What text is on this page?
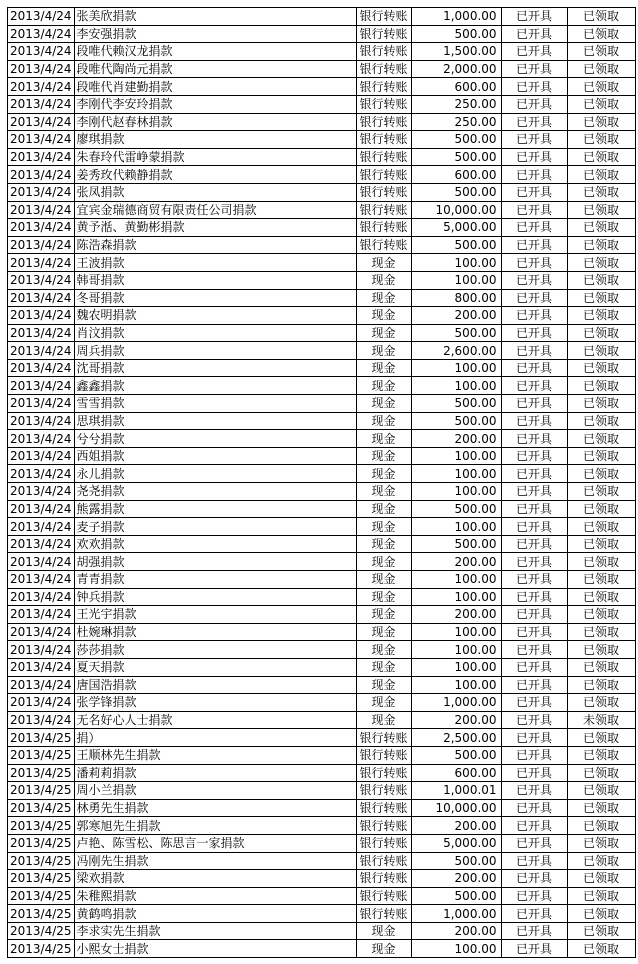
2013/4/24	张美欣捐款	银行转账	1,000.00	已开具	已领取
2013/4/24	李安强捐款	银行转账	500.00	已开具	已领取
2013/4/24	段唯代赖汉龙捐款	银行转账	1,500.00	已开具	已领取
2013/4/24	段唯代陶尚元捐款	银行转账	2,000.00	已开具	已领取
2013/4/24	段唯代肖建勤捐款	银行转账	600.00	已开具	已领取
2013/4/24	李刚代李安玲捐款	银行转账	250.00	已开具	已领取
2013/4/24	李刚代赵春林捐款	银行转账	250.00	已开具	已领取
2013/4/24	廖琪捐款	银行转账	500.00	已开具	已领取
2013/4/24	朱春玲代雷峥蒙捐款	银行转账	500.00	已开具	已领取
2013/4/24	姜秀玫代赖静捐款	银行转账	600.00	已开具	已领取
2013/4/24	张凤捐款	银行转账	500.00	已开具	已领取
2013/4/24	宜宾金瑞德商贸有限责任公司捐款	银行转账	10,000.00	已开具	已领取
2013/4/24	黄予湉、黄勤彬捐款	银行转账	5,000.00	已开具	已领取
2013/4/24	陈浩森捐款	银行转账	500.00	已开具	已领取
2013/4/24	王波捐款	现金	100.00	已开具	已领取
2013/4/24	韩哥捐款	现金	100.00	已开具	已领取
2013/4/24	冬哥捐款	现金	800.00	已开具	已领取
2013/4/24	魏农明捐款	现金	200.00	已开具	已领取
2013/4/24	肖汶捐款	现金	500.00	已开具	已领取
2013/4/24	周兵捐款	现金	2,600.00	已开具	已领取
2013/4/24	沈哥捐款	现金	100.00	已开具	已领取
2013/4/24	鑫鑫捐款	现金	100.00	已开具	已领取
2013/4/24	雪雪捐款	现金	500.00	已开具	已领取
2013/4/24	思琪捐款	现金	500.00	已开具	已领取
2013/4/24	兮兮捐款	现金	200.00	已开具	已领取
2013/4/24	西姐捐款	现金	100.00	已开具	已领取
2013/4/24	永儿捐款	现金	100.00	已开具	已领取
2013/4/24	尧尧捐款	现金	100.00	已开具	已领取
2013/4/24	熊露捐款	现金	500.00	已开具	已领取
2013/4/24	麦子捐款	现金	100.00	已开具	已领取
2013/4/24	欢欢捐款	现金	500.00	已开具	已领取
2013/4/24	胡强捐款	现金	200.00	已开具	已领取
2013/4/24	青青捐款	现金	100.00	已开具	已领取
2013/4/24	钟兵捐款	现金	100.00	已开具	已领取
2013/4/24	王光宇捐款	现金	200.00	已开具	已领取
2013/4/24	杜婉琳捐款	现金	100.00	已开具	已领取
2013/4/24	莎莎捐款	现金	100.00	已开具	已领取
2013/4/24	夏天捐款	现金	100.00	已开具	已领取
2013/4/24	唐国浩捐款	现金	100.00	已开具	已领取
2013/4/24	张学锋捐款	现金	1,000.00	已开具	已领取
2013/4/24	无名好心人士捐款	现金	200.00	已开具	未领取
2013/4/25	捐）	银行转账	2,500.00	已开具	已领取
2013/4/25	王顺林先生捐款	银行转账	500.00	已开具	已领取
2013/4/25	潘莉莉捐款	银行转账	600.00	已开具	已领取
2013/4/25	周小兰捐款	银行转账	1,000.01	已开具	已领取
2013/4/25	林勇先生捐款	银行转账	10,000.00	已开具	已领取
2013/4/25	郭寒旭先生捐款	银行转账	200.00	已开具	已领取
2013/4/25	卢艳、陈雪松、陈思言一家捐款	银行转账	5,000.00	已开具	已领取
2013/4/25	冯刚先生捐款	银行转账	500.00	已开具	已领取
2013/4/25	梁欢捐款	银行转账	200.00	已开具	已领取
2013/4/25	朱稚熙捐款	银行转账	500.00	已开具	已领取
2013/4/25	黄鹤鸣捐款	银行转账	1,000.00	已开具	已领取
2013/4/25	李求实先生捐款	现金	200.00	已开具	已领取
2013/4/25	小熙女士捐款	现金	100.00	已开具	已领取
